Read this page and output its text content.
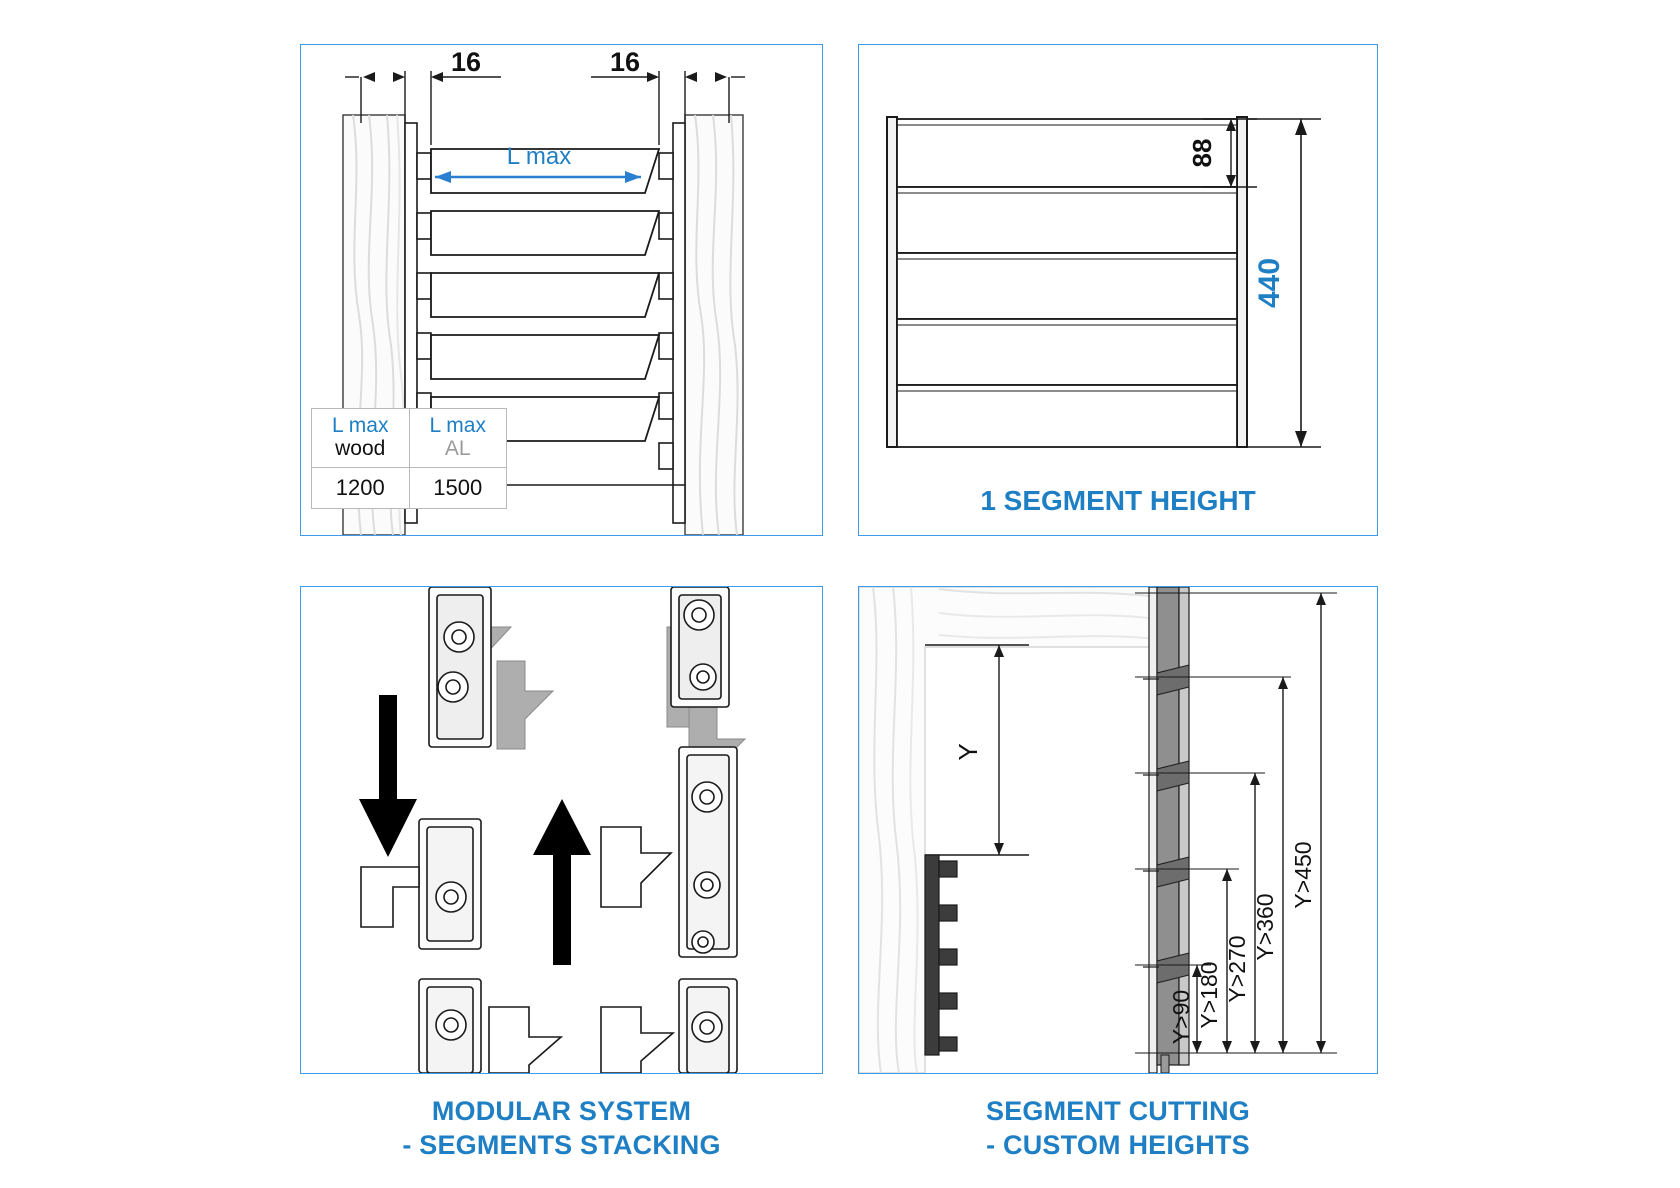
L max
16	16
L max
wood
L max
AL
1200	1500
88
440
1 SEGMENT HEIGHT
MODULAR SYSTEM
- SEGMENTS STACKING
Y
Y>90 Y>180 Y>270
Y>360
Y>450
SEGMENT CUTTING
- CUSTOM HEIGHTS
